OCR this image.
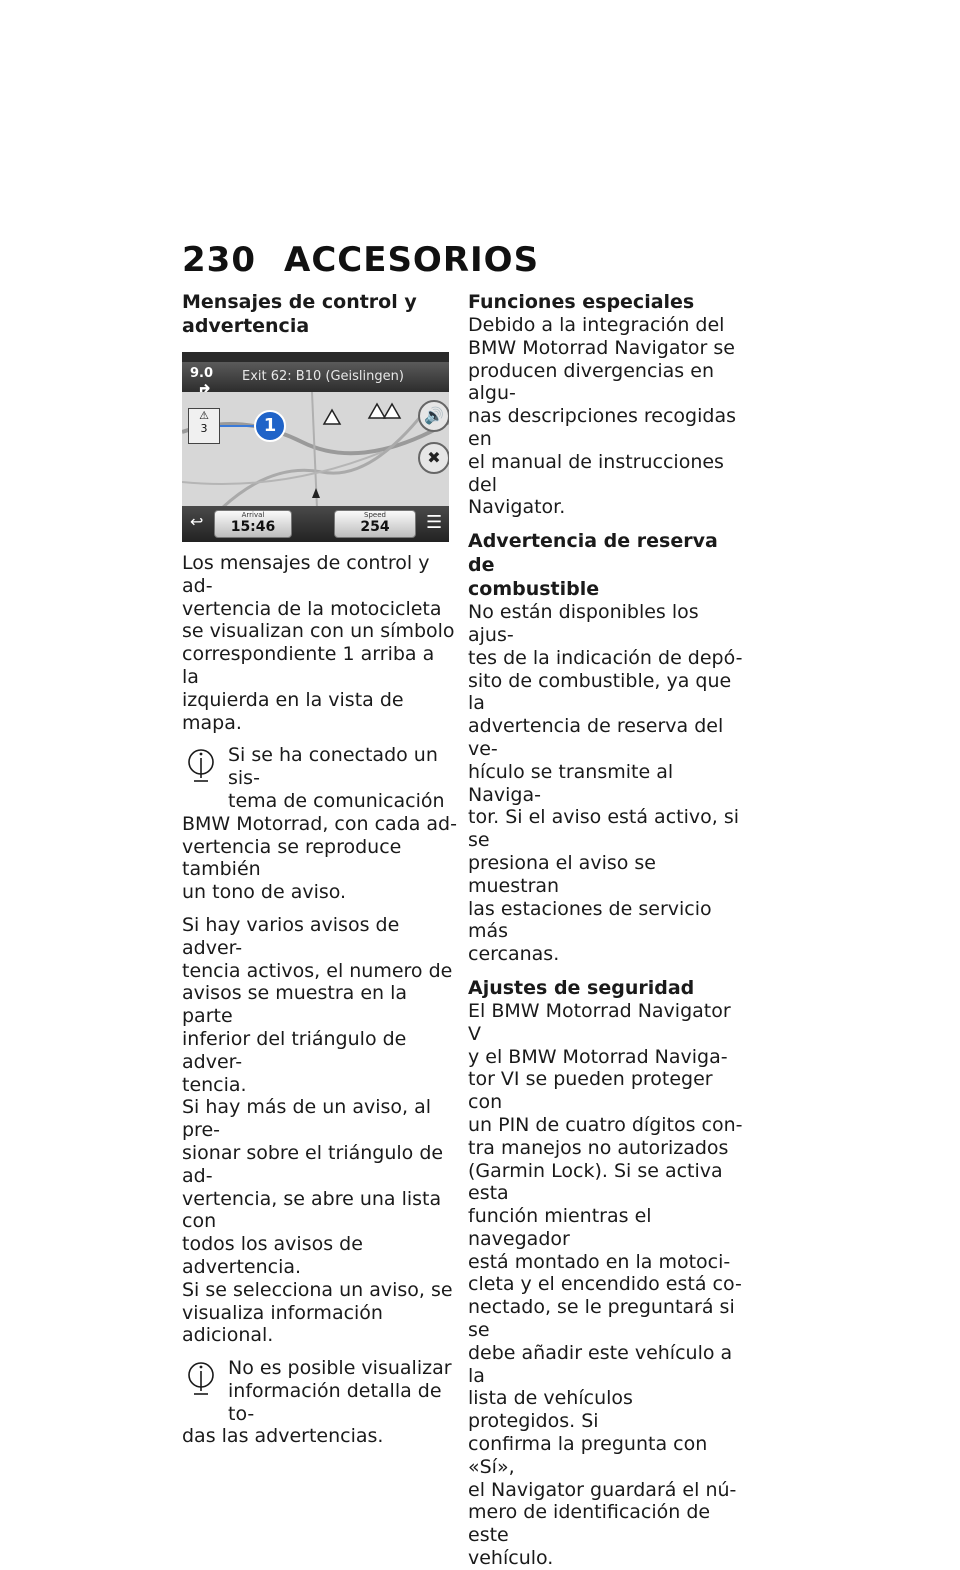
230 ACCESORIOS
Mensajes de control y
advertencia
9.0 Exit 62: B10 (Geislingen)
⚠
3	1	🔊
✖
↩	Arrival
15:46
Speed
254	☰
Los mensajes de control y ad-
vertencia de la motocicleta
se visualizan con un símbolo
correspondiente 1 arriba a la
izquierda en la vista de mapa.
Si se ha conectado un sis-
tema de comunicación
BMW Motorrad, con cada ad-
vertencia se reproduce también
un tono de aviso.
Si hay varios avisos de adver-
tencia activos, el numero de
avisos se muestra en la parte
inferior del triángulo de adver-
tencia.
Si hay más de un aviso, al pre-
sionar sobre el triángulo de ad-
vertencia, se abre una lista con
todos los avisos de advertencia.
Si se selecciona un aviso, se
visualiza información adicional.
No es posible visualizar
información detalla de to-
das las advertencias.
Funciones especiales
Debido a la integración del
BMW Motorrad Navigator se
producen divergencias en algu-
nas descripciones recogidas en
el manual de instrucciones del
Navigator.
Advertencia de reserva de
combustible
No están disponibles los ajus-
tes de la indicación de depó-
sito de combustible, ya que la
advertencia de reserva del ve-
hículo se transmite al Naviga-
tor. Si el aviso está activo, si se
presiona el aviso se muestran
las estaciones de servicio más
cercanas.
Ajustes de seguridad
El BMW Motorrad Navigator V
y el BMW Motorrad Naviga-
tor VI se pueden proteger con
un PIN de cuatro dígitos con-
tra manejos no autorizados
(Garmin Lock). Si se activa esta
función mientras el navegador
está montado en la motoci-
cleta y el encendido está co-
nectado, se le preguntará si se
debe añadir este vehículo a la
lista de vehículos protegidos. Si
confirma la pregunta con «Sí»,
el Navigator guardará el nú-
mero de identificación de este
vehículo.
